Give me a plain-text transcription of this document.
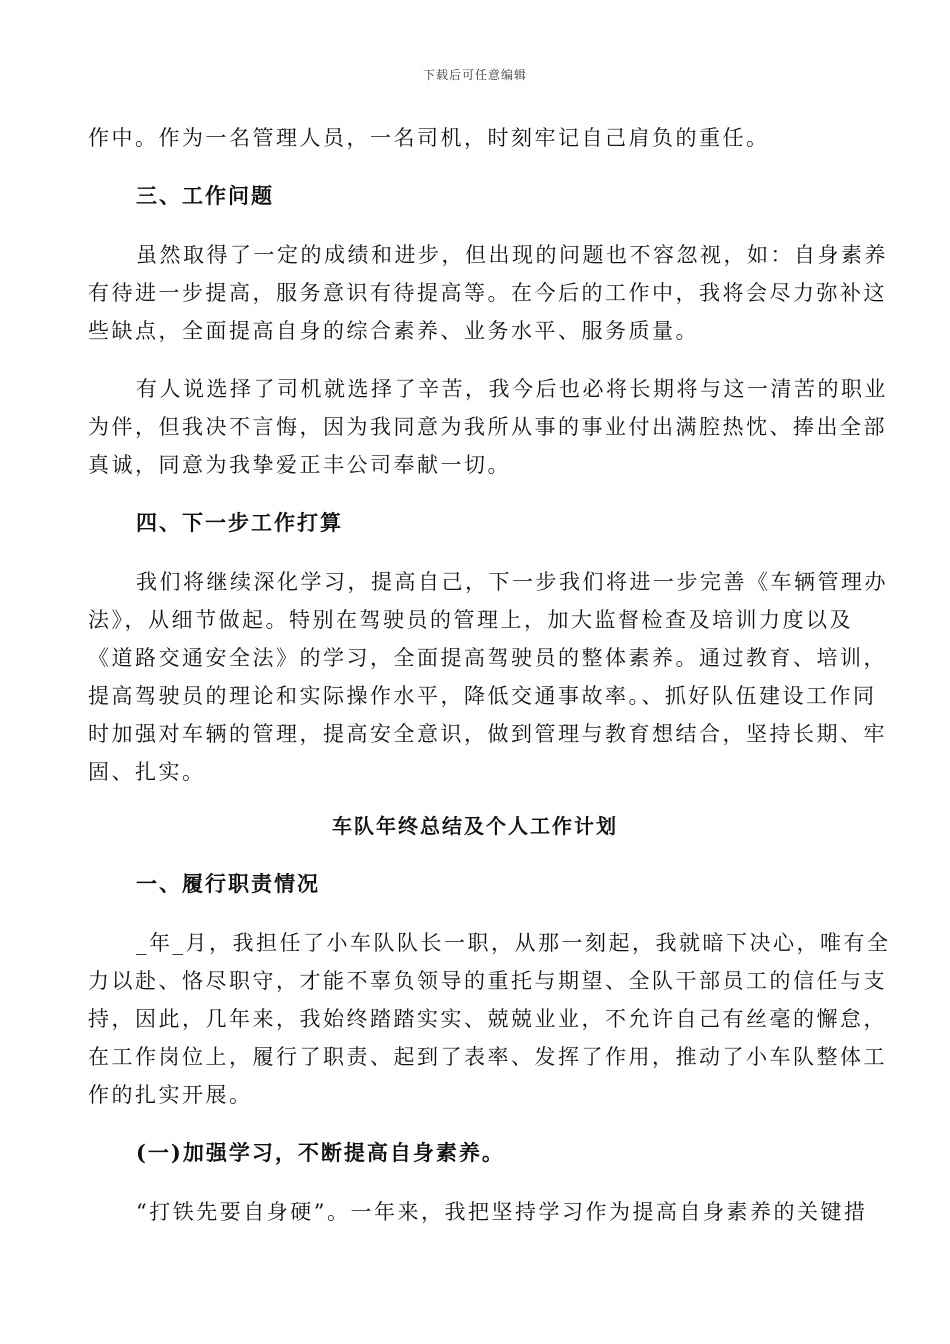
下载后可任意编辑
作中。作为一名管理人员，一名司机，时刻牢记自己肩负的重任。
三、工作问题
虽然取得了一定的成绩和进步，但出现的问题也不容忽视，如：自身素养
有待进一步提高，服务意识有待提高等。在今后的工作中，我将会尽力弥补这
些缺点，全面提高自身的综合素养、业务水平、服务质量。
有人说选择了司机就选择了辛苦，我今后也必将长期将与这一清苦的职业
为伴，但我决不言悔，因为我同意为我所从事的事业付出满腔热忱、捧出全部
真诚，同意为我挚爱正丰公司奉献一切。
四、下一步工作打算
我们将继续深化学习，提高自己，下一步我们将进一步完善《车辆管理办
法》，从细节做起。特别在驾驶员的管理上，加大监督检查及培训力度以及
《道路交通安全法》的学习，全面提高驾驶员的整体素养。通过教育、培训，
提高驾驶员的理论和实际操作水平，降低交通事故率。、抓好队伍建设工作同
时加强对车辆的管理，提高安全意识，做到管理与教育想结合，坚持长期、牢
固、扎实。
车队年终总结及个人工作计划
一、履行职责情况
_年_月，我担任了小车队队长一职，从那一刻起，我就暗下决心，唯有全
力以赴、恪尽职守，才能不辜负领导的重托与期望、全队干部员工的信任与支
持，因此，几年来，我始终踏踏实实、兢兢业业，不允许自己有丝毫的懈怠，
在工作岗位上，履行了职责、起到了表率、发挥了作用，推动了小车队整体工
作的扎实开展。
(一)加强学习，不断提高自身素养。
“打铁先要自身硬”。一年来，我把坚持学习作为提高自身素养的关键措
